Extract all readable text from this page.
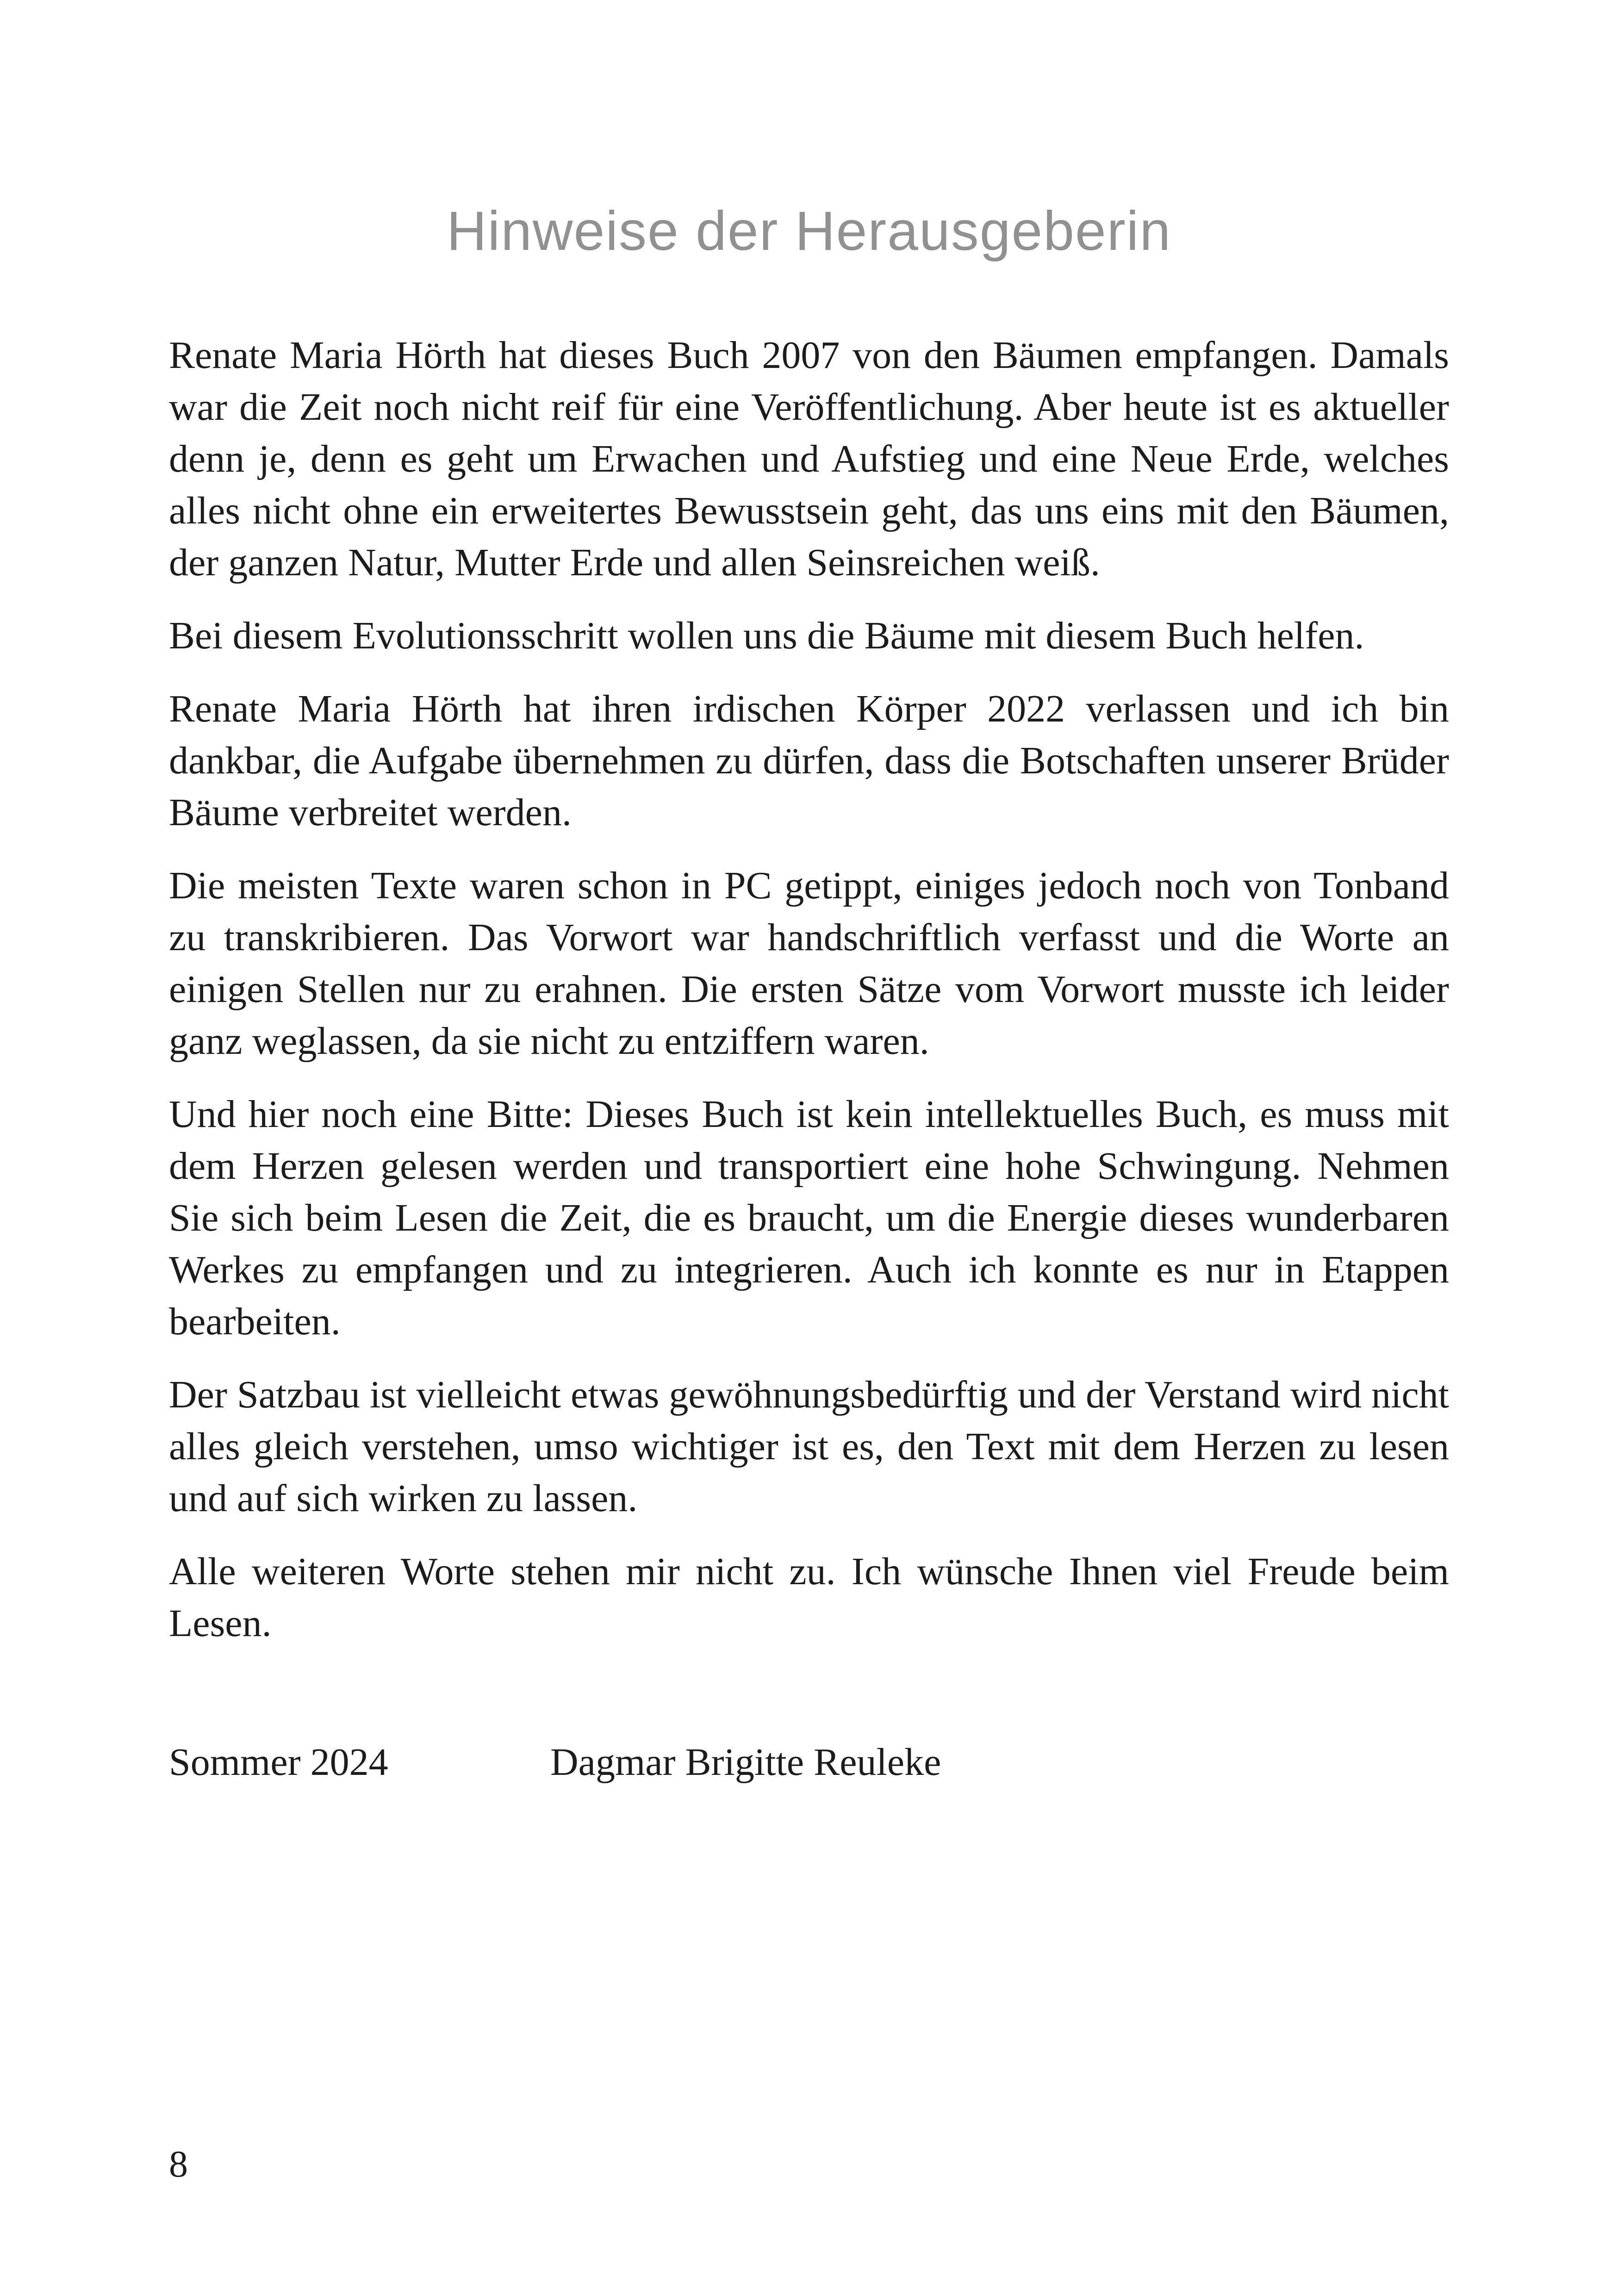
Hinweise der Herausgeberin

Renate Maria Hörth hat dieses Buch 2007 von den Bäumen empfangen. Damals war die Zeit noch nicht reif für eine Veröffentlichung. Aber heute ist es aktueller denn je, denn es geht um Erwachen und Aufstieg und eine Neue Erde, welches alles nicht ohne ein erweitertes Bewusstsein geht, das uns eins mit den Bäumen, der ganzen Natur, Mutter Erde und allen Seinsreichen weiß.

Bei diesem Evolutionsschritt wollen uns die Bäume mit diesem Buch helfen.

Renate Maria Hörth hat ihren irdischen Körper 2022 verlassen und ich bin dankbar, die Aufgabe übernehmen zu dürfen, dass die Botschaften unserer Brüder Bäume verbreitet werden.

Die meisten Texte waren schon in PC getippt, einiges jedoch noch von Tonband zu transkribieren. Das Vorwort war handschriftlich verfasst und die Worte an einigen Stellen nur zu erahnen. Die ersten Sätze vom Vorwort musste ich leider ganz weglassen, da sie nicht zu entziffern waren.

Und hier noch eine Bitte: Dieses Buch ist kein intellektuelles Buch, es muss mit dem Herzen gelesen werden und transportiert eine hohe Schwingung. Nehmen Sie sich beim Lesen die Zeit, die es braucht, um die Energie dieses wunderbaren Werkes zu empfangen und zu integrieren. Auch ich konnte es nur in Etappen bearbeiten.

Der Satzbau ist vielleicht etwas gewöhnungsbedürftig und der Verstand wird nicht alles gleich verstehen, umso wichtiger ist es, den Text mit dem Herzen zu lesen und auf sich wirken zu lassen.

Alle weiteren Worte stehen mir nicht zu. Ich wünsche Ihnen viel Freude beim Lesen.

Sommer 2024	Dagmar Brigitte Reuleke
8
